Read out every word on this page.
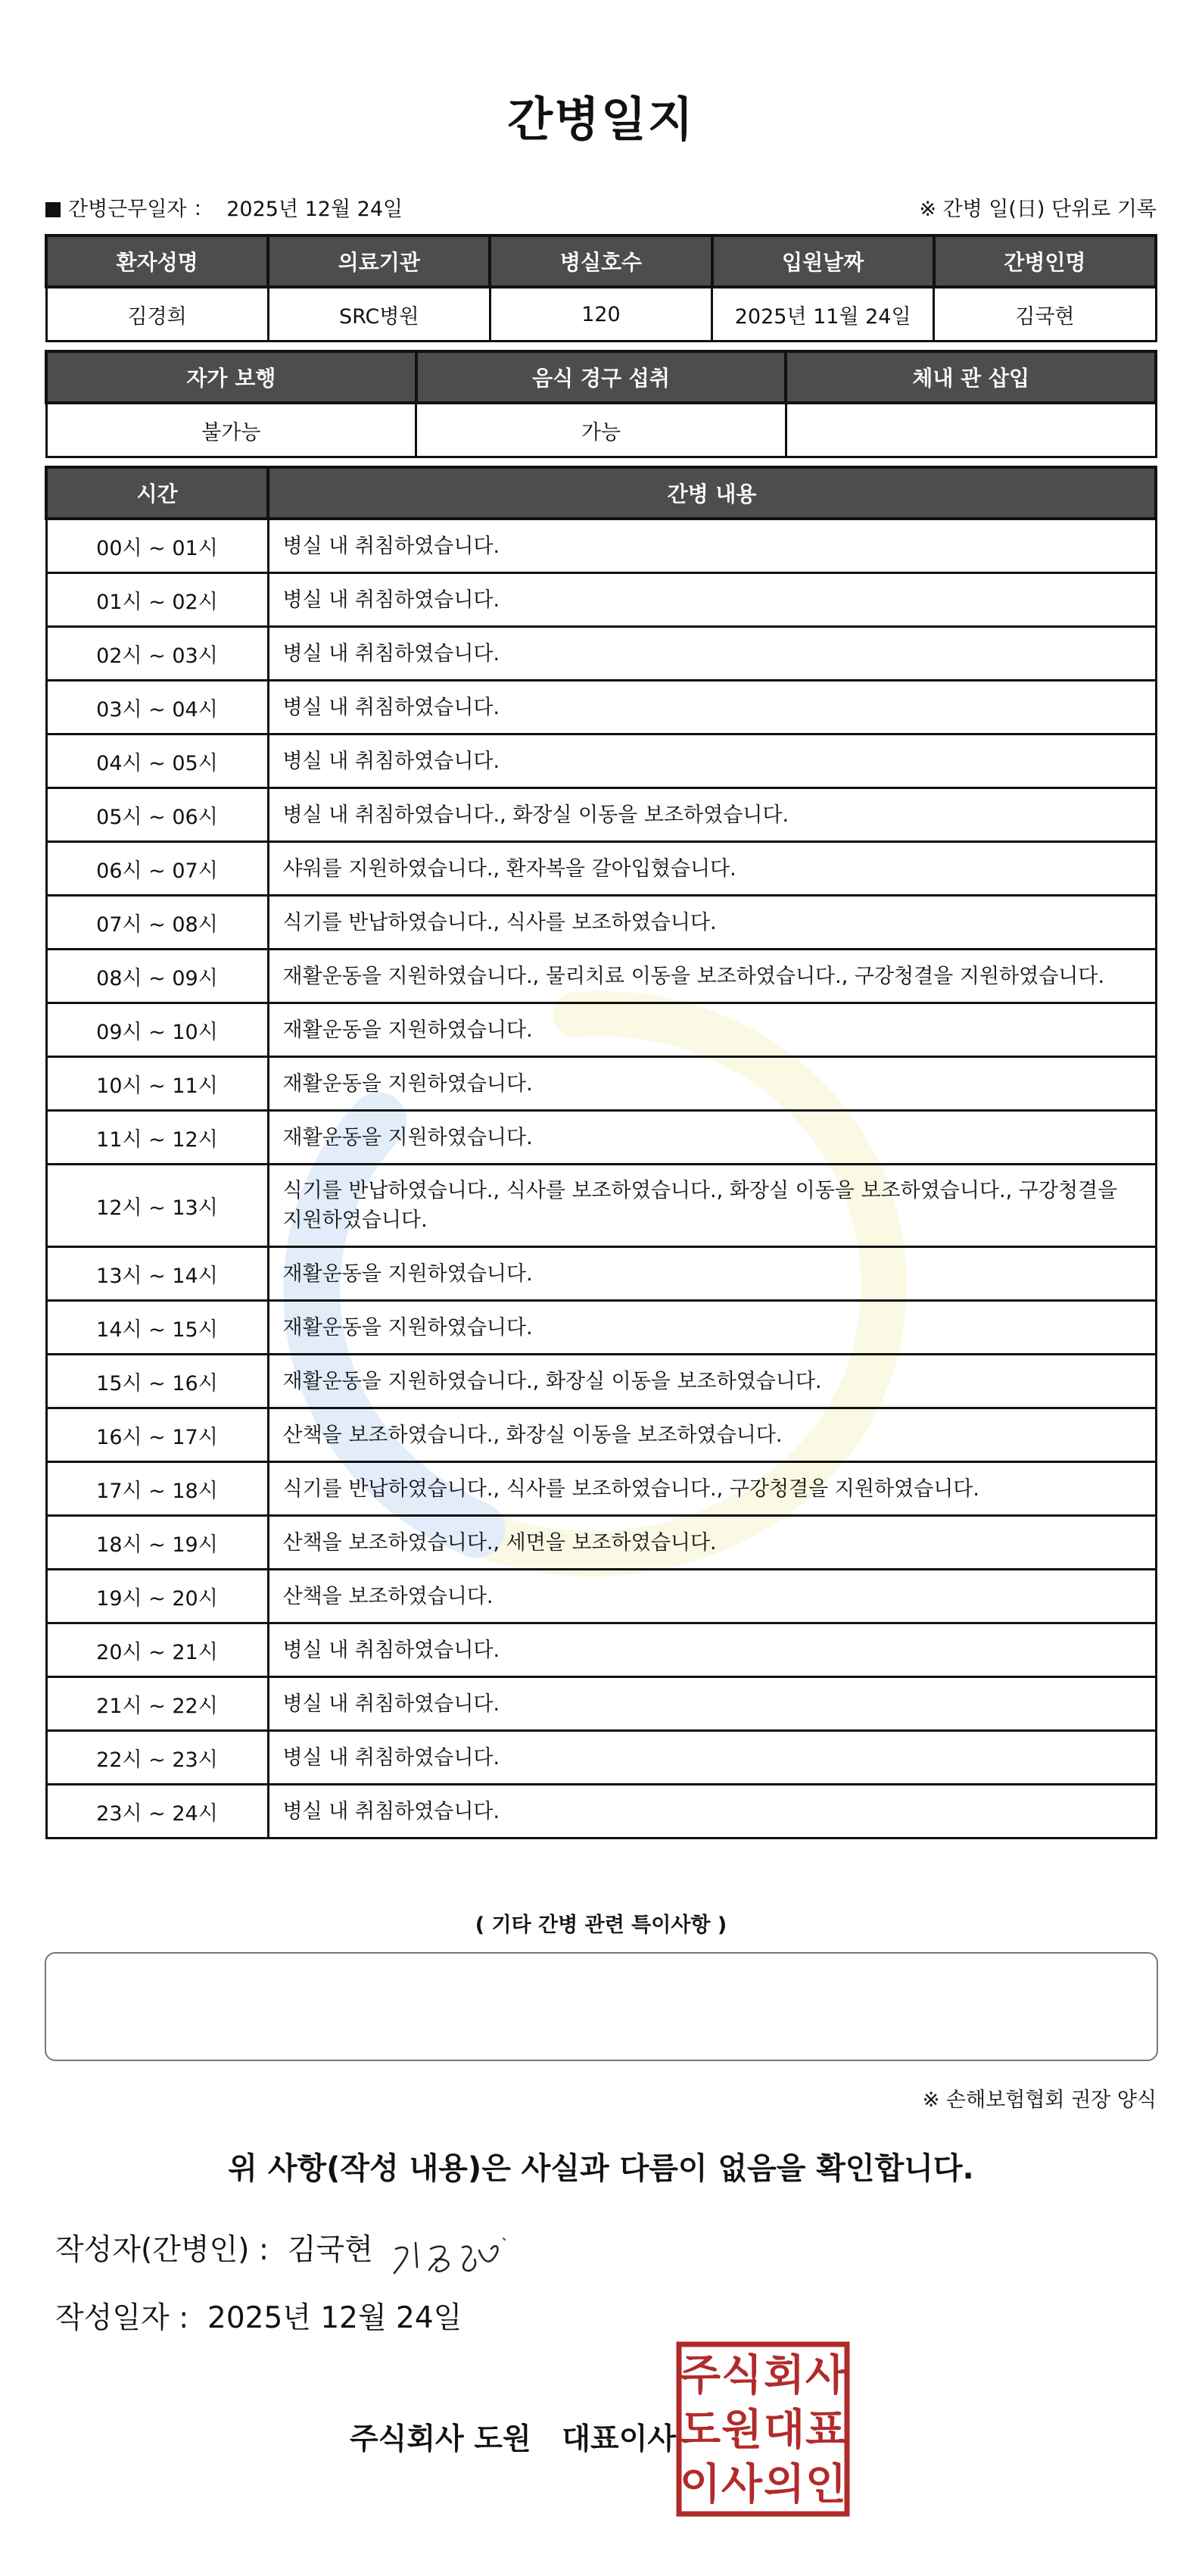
간병일지
간병근무일자 ： 2025년 12월 24일	※ 간병 일(日) 단위로 기록
환자성명	의료기관	병실호수	입원날짜	간병인명
김경희	SRC병원	120	2025년 11월 24일	김국현
자가 보행	음식 경구 섭취	체내 관 삽입
불가능	가능	
시간	간병 내용
00시 ~ 01시	병실 내 취침하였습니다.
01시 ~ 02시	병실 내 취침하였습니다.
02시 ~ 03시	병실 내 취침하였습니다.
03시 ~ 04시	병실 내 취침하였습니다.
04시 ~ 05시	병실 내 취침하였습니다.
05시 ~ 06시	병실 내 취침하였습니다., 화장실 이동을 보조하였습니다.
06시 ~ 07시	샤워를 지원하였습니다., 환자복을 갈아입혔습니다.
07시 ~ 08시	식기를 반납하였습니다., 식사를 보조하였습니다.
08시 ~ 09시	재활운동을 지원하였습니다., 물리치료 이동을 보조하였습니다., 구강청결을 지원하였습니다.
09시 ~ 10시	재활운동을 지원하였습니다.
10시 ~ 11시	재활운동을 지원하였습니다.
11시 ~ 12시	재활운동을 지원하였습니다.
12시 ~ 13시	식기를 반납하였습니다., 식사를 보조하였습니다., 화장실 이동을 보조하였습니다., 구강청결을 지원하였습니다.
13시 ~ 14시	재활운동을 지원하였습니다.
14시 ~ 15시	재활운동을 지원하였습니다.
15시 ~ 16시	재활운동을 지원하였습니다., 화장실 이동을 보조하였습니다.
16시 ~ 17시	산책을 보조하였습니다., 화장실 이동을 보조하였습니다.
17시 ~ 18시	식기를 반납하였습니다., 식사를 보조하였습니다., 구강청결을 지원하였습니다.
18시 ~ 19시	산책을 보조하였습니다., 세면을 보조하였습니다.
19시 ~ 20시	산책을 보조하였습니다.
20시 ~ 21시	병실 내 취침하였습니다.
21시 ~ 22시	병실 내 취침하였습니다.
22시 ~ 23시	병실 내 취침하였습니다.
23시 ~ 24시	병실 내 취침하였습니다.
( 기타 간병 관련 특이사항 )
※ 손해보험협회 권장 양식
위 사항(작성 내용)은 사실과 다름이 없음을 확인합니다.
작성자(간병인) : 김국현
작성일자 : 2025년 12월 24일
주식회사 도원   대표이사
주 식 회 사
도 원 대 표
이 사 의 인
